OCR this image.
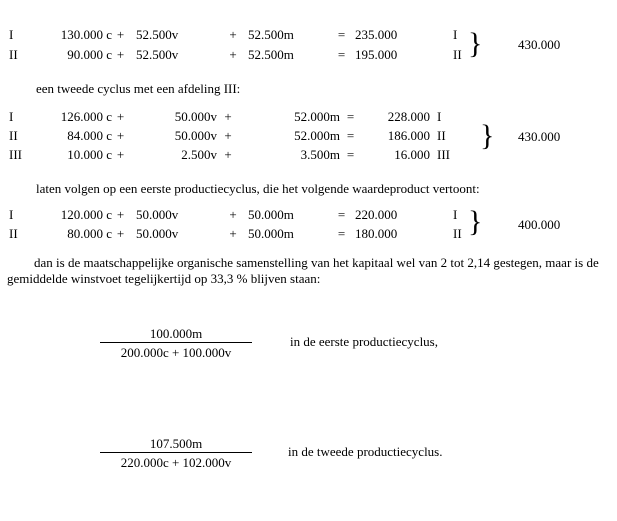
I	130.000 c + 52.500v	+ 52.500m	= 235.000	I
II	90.000 c + 52.500v	+ 52.500m	= 195.000	II }	430.000
een tweede cyclus met een afdeling III:
I	126.000 c +	50.000v +	52.000m =	228.000 I
II	84.000 c +	50.000v +	52.000m =	186.000 II
III	10.000 c +	2.500v +	3.500m =	16.000 III
} 430.000
laten volgen op een eerste productiecyclus, die het volgende waardeproduct vertoont:
I	120.000 c + 50.000v	+ 50.000m	= 220.000	I
II	80.000 c + 50.000v	+ 50.000m	= 180.000	II }	400.000
dan is de maatschappelijke organische samenstelling van het kapitaal wel van 2 tot 2,14 gestegen, maar is de gemiddelde winstvoet tegelijkertijd op 33,3 % blijven staan:
100.000m
200.000c + 100.000v
in de eerste productiecyclus,
107.500m
220.000c + 102.000v
in de tweede productiecyclus.
